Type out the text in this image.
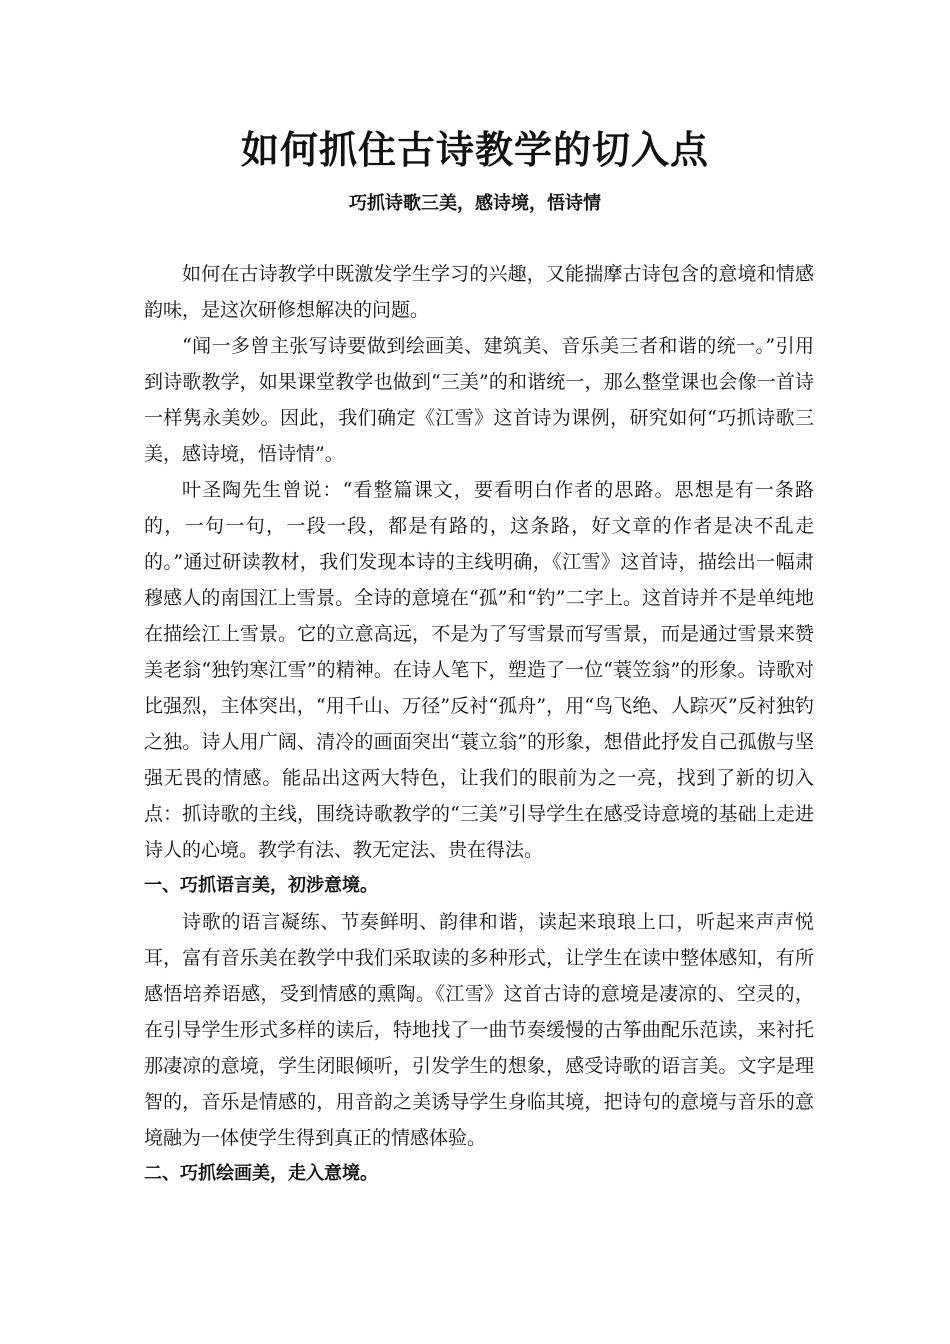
如何抓住古诗教学的切入点
巧抓诗歌三美，感诗境，悟诗情

如何在古诗教学中既激发学生学习的兴趣，又能揣摩古诗包含的意境和情感韵味，是这次研修想解决的问题。

“闻一多曾主张写诗要做到绘画美、建筑美、音乐美三者和谐的统一。”引用到诗歌教学，如果课堂教学也做到“三美”的和谐统一，那么整堂课也会像一首诗一样隽永美妙。因此，我们确定《江雪》这首诗为课例，研究如何“巧抓诗歌三美，感诗境，悟诗情”。

叶圣陶先生曾说：“看整篇课文，要看明白作者的思路。思想是有一条路的，一句一句，一段一段，都是有路的，这条路，好文章的作者是决不乱走的。”通过研读教材，我们发现本诗的主线明确，《江雪》这首诗，描绘出一幅肃穆感人的南国江上雪景。全诗的意境在“孤”和“钓”二字上。这首诗并不是单纯地在描绘江上雪景。它的立意高远，不是为了写雪景而写雪景，而是通过雪景来赞美老翁“独钓寒江雪”的精神。在诗人笔下，塑造了一位“蓑笠翁”的形象。诗歌对比强烈，主体突出，“用千山、万径”反衬“孤舟”，用“鸟飞绝、人踪灭”反衬独钓之独。诗人用广阔、清冷的画面突出“蓑立翁”的形象，想借此抒发自己孤傲与坚强无畏的情感。能品出这两大特色，让我们的眼前为之一亮，找到了新的切入点：抓诗歌的主线，围绕诗歌教学的“三美”引导学生在感受诗意境的基础上走进诗人的心境。教学有法、教无定法、贵在得法。

一、巧抓语言美，初涉意境。

诗歌的语言凝练、节奏鲜明、韵律和谐，读起来琅琅上口，听起来声声悦耳，富有音乐美在教学中我们采取读的多种形式，让学生在读中整体感知，有所感悟培养语感，受到情感的熏陶。《江雪》这首古诗的意境是凄凉的、空灵的，在引导学生形式多样的读后，特地找了一曲节奏缓慢的古筝曲配乐范读，来衬托那凄凉的意境，学生闭眼倾听，引发学生的想象，感受诗歌的语言美。文字是理智的，音乐是情感的，用音韵之美诱导学生身临其境，把诗句的意境与音乐的意境融为一体使学生得到真正的情感体验。

二、巧抓绘画美，走入意境。
